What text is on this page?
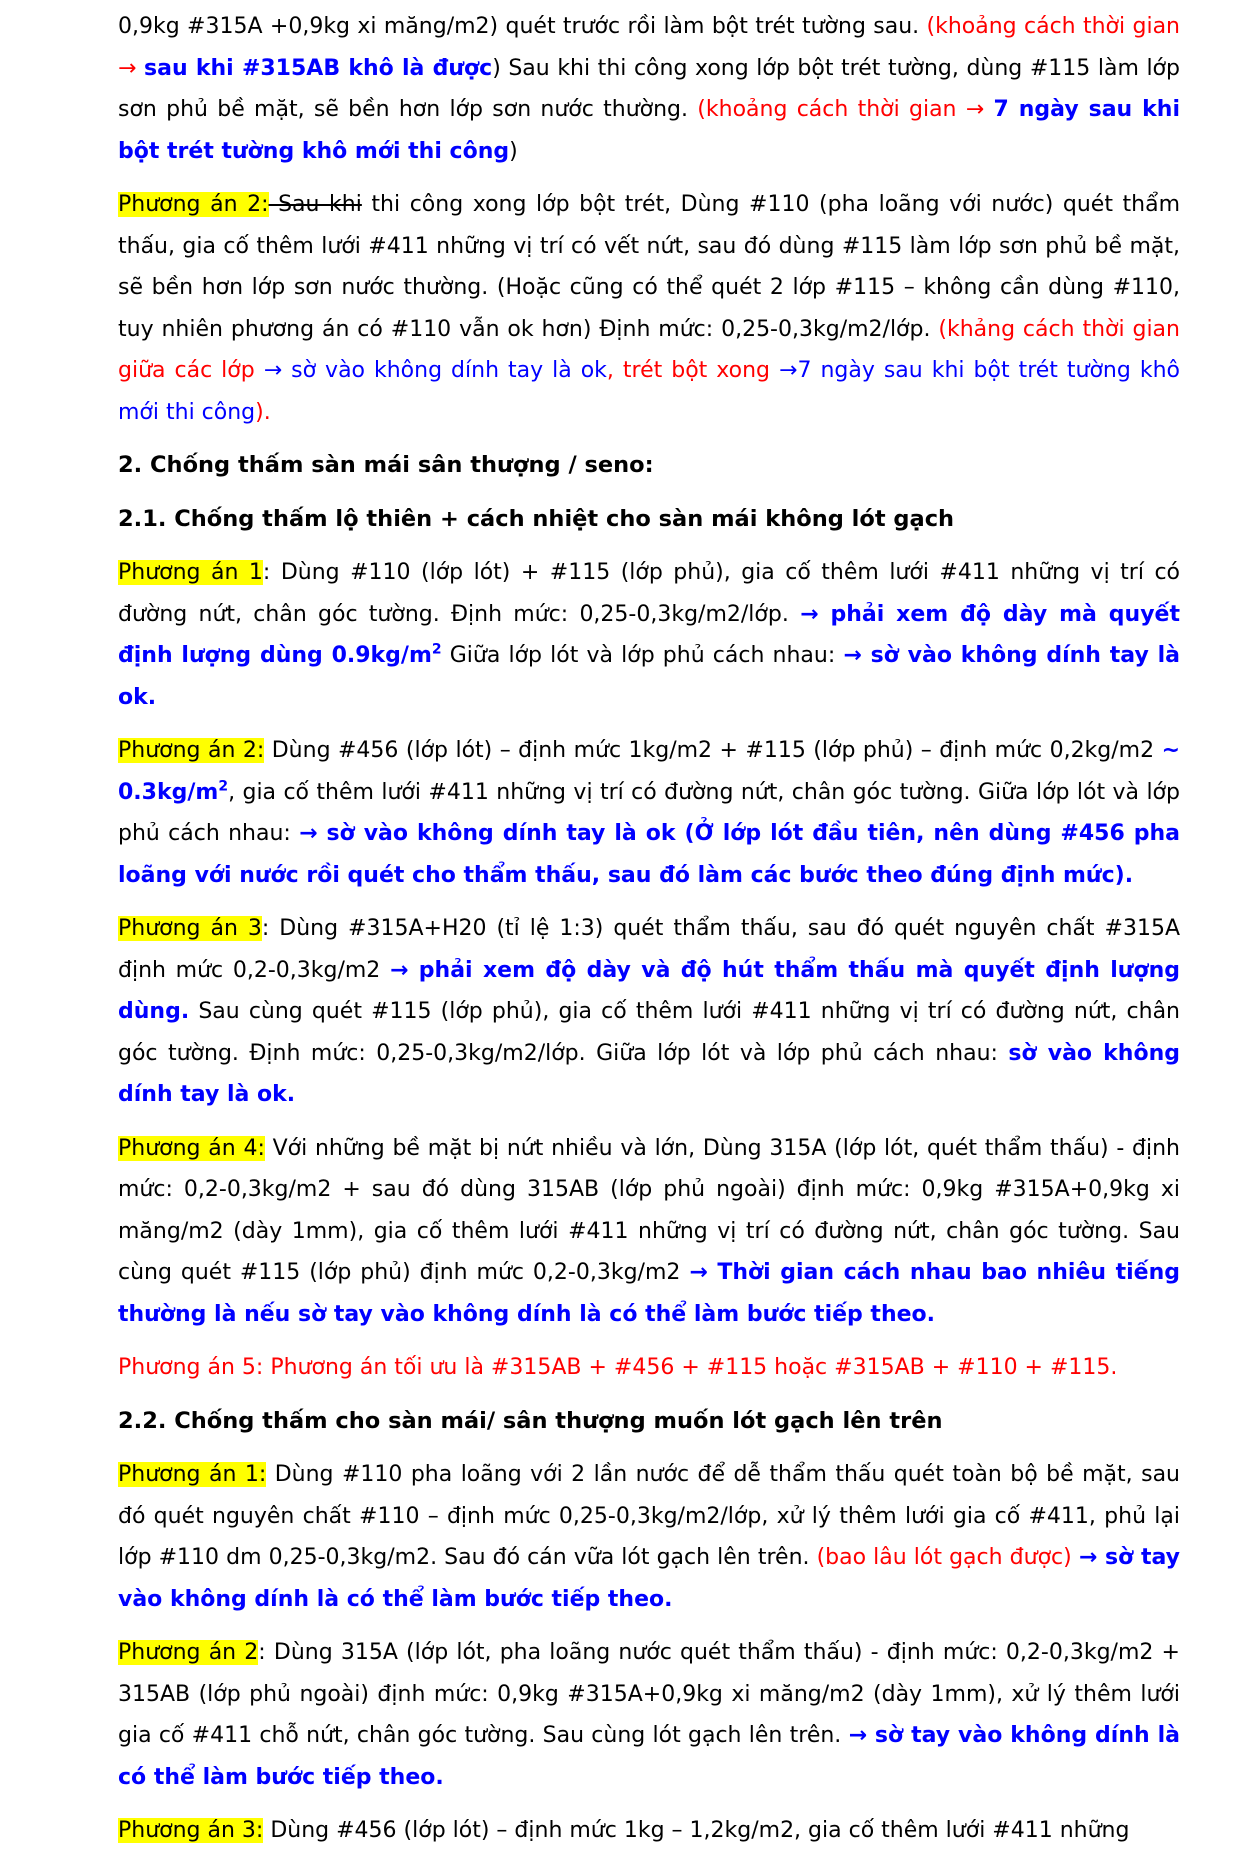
0,9kg #315A +0,9kg xi măng/m2) quét trước rồi làm bột trét tường sau. (khoảng cách thời gian → sau khi #315AB khô là được) Sau khi thi công xong lớp bột trét tường, dùng #115 làm lớp sơn phủ bề mặt, sẽ bền hơn lớp sơn nước thường. (khoảng cách thời gian → 7 ngày sau khi bột trét tường khô mới thi công)

Phương án 2: Sau khi thi công xong lớp bột trét, Dùng #110 (pha loãng với nước) quét thẩm thấu, gia cố thêm lưới #411 những vị trí có vết nứt, sau đó dùng #115 làm lớp sơn phủ bề mặt, sẽ bền hơn lớp sơn nước thường. (Hoặc cũng có thể quét 2 lớp #115 – không cần dùng #110, tuy nhiên phương án có #110 vẫn ok hơn) Định mức: 0,25-0,3kg/m2/lớp. (khảng cách thời gian giữa các lớp → sờ vào không dính tay là ok, trét bột xong →7 ngày sau khi bột trét tường khô mới thi công).

2. Chống thấm sàn mái sân thượng / seno:

2.1. Chống thấm lộ thiên + cách nhiệt cho sàn mái không lót gạch

Phương án 1: Dùng #110 (lớp lót) + #115 (lớp phủ), gia cố thêm lưới #411 những vị trí có đường nứt, chân góc tường. Định mức: 0,25-0,3kg/m2/lớp. → phải xem độ dày mà quyết định lượng dùng $0.9kg/m^2$ Giữa lớp lót và lớp phủ cách nhau: → sờ vào không dính tay là ok.

Phương án 2: Dùng #456 (lớp lót) – định mức 1kg/m2 + #115 (lớp phủ) – định mức 0,2kg/m2 ~ $0.3kg/m^2$, gia cố thêm lưới #411 những vị trí có đường nứt, chân góc tường. Giữa lớp lót và lớp phủ cách nhau: → sờ vào không dính tay là ok (Ở lớp lót đầu tiên, nên dùng #456 pha loãng với nước rồi quét cho thẩm thấu, sau đó làm các bước theo đúng định mức).

Phương án 3: Dùng #315A+H20 (tỉ lệ 1:3) quét thẩm thấu, sau đó quét nguyên chất #315A định mức 0,2-0,3kg/m2 → phải xem độ dày và độ hút thẩm thấu mà quyết định lượng dùng. Sau cùng quét #115 (lớp phủ), gia cố thêm lưới #411 những vị trí có đường nứt, chân góc tường. Định mức: 0,25-0,3kg/m2/lớp. Giữa lớp lót và lớp phủ cách nhau: sờ vào không dính tay là ok.

Phương án 4: Với những bề mặt bị nứt nhiều và lớn, Dùng 315A (lớp lót, quét thẩm thấu) - định mức: 0,2-0,3kg/m2 + sau đó dùng 315AB (lớp phủ ngoài) định mức: 0,9kg #315A+0,9kg xi măng/m2 (dày 1mm), gia cố thêm lưới #411 những vị trí có đường nứt, chân góc tường. Sau cùng quét #115 (lớp phủ) định mức 0,2-0,3kg/m2 → Thời gian cách nhau bao nhiêu tiếng thường là nếu sờ tay vào không dính là có thể làm bước tiếp theo.

Phương án 5: Phương án tối ưu là #315AB + #456 + #115 hoặc #315AB + #110 + #115.

2.2. Chống thấm cho sàn mái/ sân thượng muốn lót gạch lên trên

Phương án 1: Dùng #110 pha loãng với 2 lần nước để dễ thẩm thấu quét toàn bộ bề mặt, sau đó quét nguyên chất #110 – định mức 0,25-0,3kg/m2/lớp, xử lý thêm lưới gia cố #411, phủ lại lớp #110 dm 0,25-0,3kg/m2. Sau đó cán vữa lót gạch lên trên. (bao lâu lót gạch được) → sờ tay vào không dính là có thể làm bước tiếp theo.

Phương án 2: Dùng 315A (lớp lót, pha loãng nước quét thẩm thấu) - định mức: 0,2-0,3kg/m2 + 315AB (lớp phủ ngoài) định mức: 0,9kg #315A+0,9kg xi măng/m2 (dày 1mm), xử lý thêm lưới gia cố #411 chỗ nứt, chân góc tường. Sau cùng lót gạch lên trên. → sờ tay vào không dính là có thể làm bước tiếp theo.

Phương án 3: Dùng #456 (lớp lót) – định mức 1kg – 1,2kg/m2, gia cố thêm lưới #411 những
